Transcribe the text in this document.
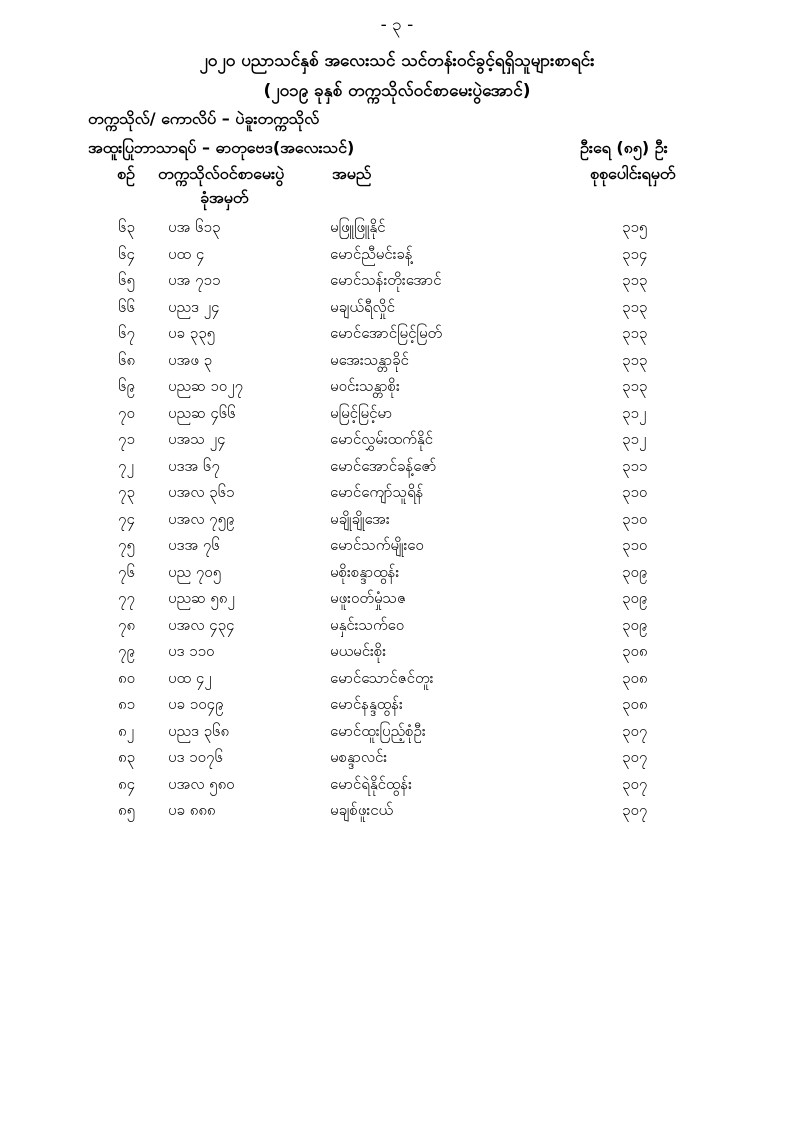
- ၃ -
၂၀၂၀ ပညာသင်နှစ် အလေးသင် သင်တန်းဝင်ခွင့်ရရှိသူများစာရင်း
(၂၀၁၉ ခုနှစ် တက္ကသိုလ်ဝင်စာမေးပွဲအောင်)
တက္ကသိုလ်/ ကောလိပ် – ပဲခူးတက္ကသိုလ်
အထူးပြုဘာသာရပ် – ဓာတုဗေဒ(အလေးသင်)	ဦးရေ (၈၅) ဦး
စဉ် တက္ကသိုလ်ဝင်စာမေးပွဲ
ခုံအမှတ်
အမည်	စုစုပေါင်းရမှတ်
၆၃ ပအ ၆၁၃	မဖြူဖြူနိုင်	၃၁၅
၆၄ ပထ ၄	မောင်ညီမင်းခန့်	၃၁၄
၆၅ ပအ ၇၁၁	မောင်သန်းတိုးအောင်	၃၁၃
၆၆ ပညဒ ၂၄	မချယ်ရီလှိုင်	၃၁၃
၆၇ ပခ ၃၃၅	မောင်အောင်မြင့်မြတ်	၃၁၃
၆၈ ပအဖ ၃	မအေးသန္တာခိုင်	၃၁၃
၆၉ ပညဆ ၁၀၂၇	မဝင်းသန္တာစိုး	၃၁၃
၇၀ ပညဆ ၄၆၆	မမြင့်မြင့်မာ	၃၁၂
၇၁ ပအသ ၂၄	မောင်လွှမ်းထက်နိုင်	၃၁၂
၇၂ ပဒအ ၆၇	မောင်အောင်ခန့်ဇော်	၃၁၁
၇၃ ပအလ ၃၆၁	မောင်ကျော်သူရိန်	၃၁၀
၇၄ ပအလ ၇၅၉	မချိုချိုအေး	၃၁၀
၇၅ ပဒအ ၇၆	မောင်သက်မျိုးဝေ	၃၁၀
၇၆ ပည ၇၀၅	မစိုးစန္ဒာထွန်း	၃၀၉
၇၇ ပညဆ ၅၈၂	မဖူးဝတ်မှုံသဇ	၃၀၉
၇၈ ပအလ ၄၃၄	မနှင်းသက်ဝေ	၃၀၉
၇၉ ပဒ ၁၁၀	မယမင်းစိုး	၃၀၈
၈၀ ပထ ၄၂	မောင်သောင်ဇင်တူး	၃၀၈
၈၁ ပခ ၁၀၄၉	မောင်နန္ဒထွန်း	၃၀၈
၈၂ ပညဒ ၃၆၈	မောင်ထူးပြည့်စုံဦး	၃၀၇
၈၃ ပဒ ၁၀၇၆	မစန္ဒာလင်း	၃၀၇
၈၄ ပအလ ၅၈၀	မောင်ရဲနိုင်ထွန်း	၃၀၇
၈၅ ပခ ၈၈၈	မချစ်ဖူးငယ်	၃၀၇
